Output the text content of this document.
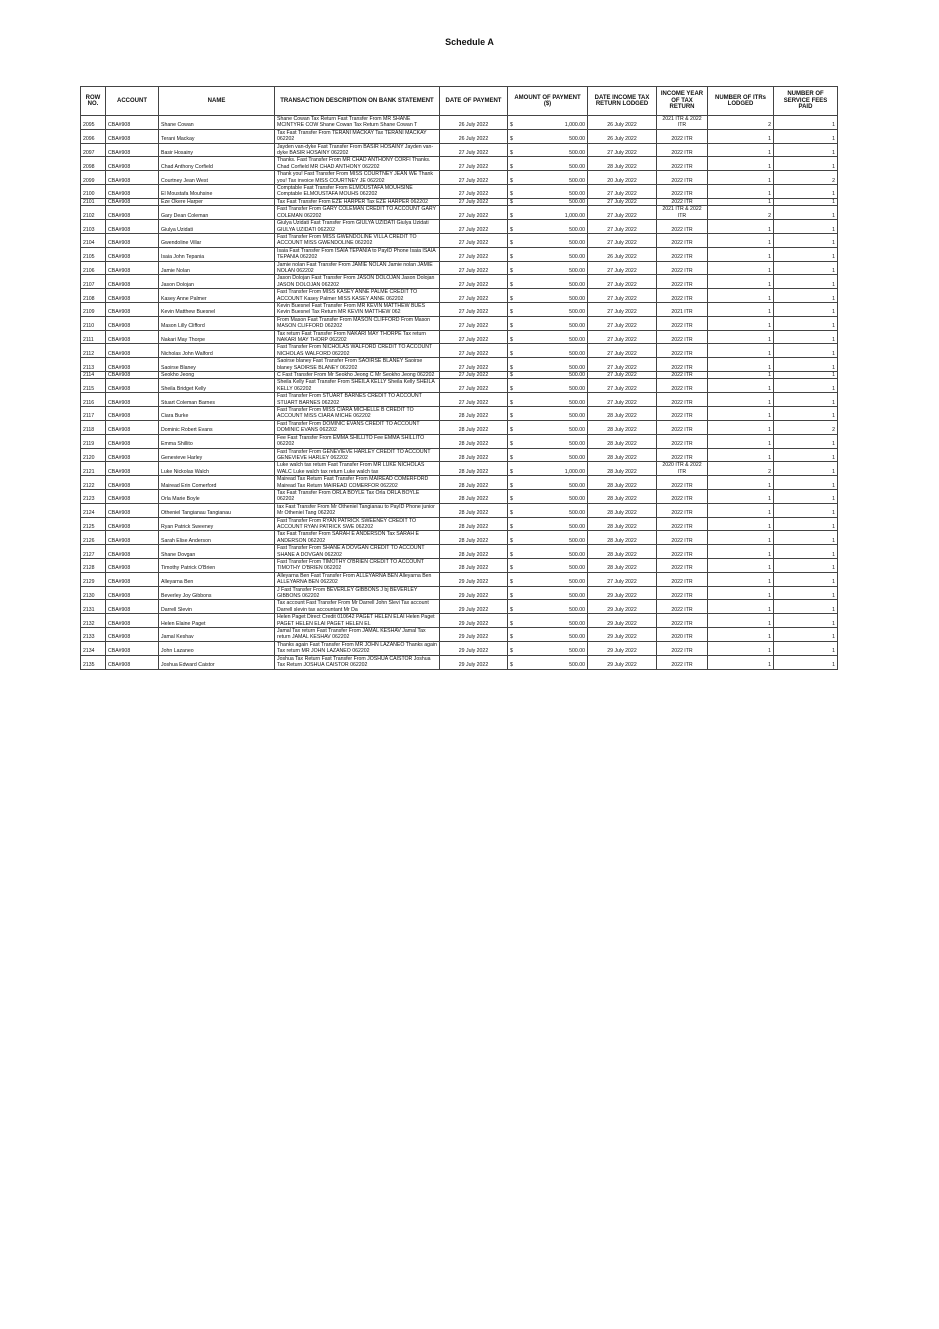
Schedule A
ROW NO.	ACCOUNT	NAME	TRANSACTION DESCRIPTION ON BANK STATEMENT	DATE OF PAYMENT	AMOUNT OF PAYMENT ($)	DATE INCOME TAX RETURN LODGED	INCOME YEAR OF TAX RETURN	NUMBER OF ITRs LODGED	NUMBER OF SERVICE FEES PAID
2095	CBA#908	Shane Cowan	Shane Cowan Tax Return Fast Transfer From MR SHANE MCINTYRE COW Shane Cowan Tax Return Shane Cowan T	26 July 2022	$ 1,000.00	26 July 2022	2021 ITR & 2022 ITR	2	1
2096	CBA#908	Terani Mackay	Tax Fast Transfer From TERANI MACKAY Tax TERANI MACKAY 062202	26 July 2022	$ 500.00	26 July 2022	2022 ITR	1	1
2097	CBA#908	Basir Hosainy	Jayden van-dyke Fast Transfer From BASIR HOSAINY Jayden van-dyke BASIR HOSAINY 062202	27 July 2022	$ 500.00	27 July 2022	2022 ITR	1	1
2098	CBA#908	Chad Anthony Corfield	Thanks. Fast Transfer From MR CHAD ANTHONY CORFI Thanks. Chad Corfield MR CHAD ANTHONY 062202	27 July 2022	$ 500.00	28 July 2022	2022 ITR	1	1
2099	CBA#908	Courtney Jean West	Thank you! Fast Transfer From MISS COURTNEY JEAN WE Thank you! Tax invoice MISS COURTNEY JE 062202	27 July 2022	$ 500.00	20 July 2022	2022 ITR	1	2
2100	CBA#908	El Moustafa Mouhsine	Comptable Fast Transfer From ELMOUSTAFA MOUHSINE Comptable ELMOUSTAFA MOUHS 062202	27 July 2022	$ 500.00	27 July 2022	2022 ITR	1	1
2101	CBA#908	Eze Okere Harper	Tax Fast Transfer From EZE HARPER Tax EZE HARPER 062202	27 July 2022	$ 500.00	27 July 2022	2022 ITR	1	1
2102	CBA#908	Gary Dean Coleman	Fast Transfer From GARY COLEMAN CREDIT TO ACCOUNT GARY COLEMAN 062202	27 July 2022	$ 1,000.00	27 July 2022	2021 ITR & 2022 ITR	2	1
2103	CBA#908	Giulya Uzidati	Giulya Uzidati Fast Transfer From GIULYA UZIDATI Giulya Uzidati GIULYA UZIDATI 062202	27 July 2022	$ 500.00	27 July 2022	2022 ITR	1	1
2104	CBA#908	Gwendoline Villar	Fast Transfer From MISS GWENDOLINE VILLA CREDIT TO ACCOUNT MISS GWENDOLINE 062202	27 July 2022	$ 500.00	27 July 2022	2022 ITR	1	1
2105	CBA#908	Isaia John Tepania	Isaia Fast Transfer From ISAIA TEPANIA to PayID Phone Isaia ISAIA TEPANIA 062202	27 July 2022	$ 500.00	26 July 2022	2022 ITR	1	1
2106	CBA#908	Jamie Nolan	Jamie nolan Fast Transfer From JAMIE NOLAN Jamie nolan JAMIE NOLAN 062202	27 July 2022	$ 500.00	27 July 2022	2022 ITR	1	1
2107	CBA#908	Jason Dolojan	Jason Dolojan Fast Transfer From JASON DOLOJAN Jason Dolojan JASON DOLOJAN 062202	27 July 2022	$ 500.00	27 July 2022	2022 ITR	1	1
2108	CBA#908	Kasey Anne Palmer	Fast Transfer From MISS KASEY ANNE PALME CREDIT TO ACCOUNT Kasey Palmer MISS KASEY ANNE 062202	27 July 2022	$ 500.00	27 July 2022	2022 ITR	1	1
2109	CBA#908	Kevin Matthew Buesnel	Kevin Buesnel Fast Transfer From MR KEVIN MATTHEW BUES Kevin Buesnel Tax Return MR KEVIN MATTHEW 062	27 July 2022	$ 500.00	27 July 2022	2021 ITR	1	1
2110	CBA#908	Mason Lilly Clifford	From Mason Fast Transfer From MASON CLIFFORD From Mason MASON CLIFFORD 062202	27 July 2022	$ 500.00	27 July 2022	2022 ITR	1	1
2111	CBA#908	Nakari May Thorpe	Tax return Fast Transfer From NAKARI MAY THORPE Tax return NAKARI MAY THORP 062202	27 July 2022	$ 500.00	27 July 2022	2022 ITR	1	1
2112	CBA#908	Nicholas John Walford	Fast Transfer From NICHOLAS WALFORD CREDIT TO ACCOUNT NICHOLAS WALFORD 062202	27 July 2022	$ 500.00	27 July 2022	2022 ITR	1	1
2113	CBA#908	Saoirse Blaney	Saoirse blaney Fast Transfer From SAOIRSE BLANEY Saoirse blaney SAOIRSE BLANEY 062202	27 July 2022	$ 500.00	27 July 2022	2022 ITR	1	1
2114	CBA#908	Seokho Jeong	C Fast Transfer From Mr Seokho Jeong C Mr Seokho Jeong 062202	27 July 2022	$ 500.00	27 July 2022	2022 ITR	1	1
2115	CBA#908	Sheila Bridget Kelly	Sheila Kelly Fast Transfer From SHEILA KELLY Sheila Kelly SHEILA KELLY 062202	27 July 2022	$ 500.00	27 July 2022	2022 ITR	1	1
2116	CBA#908	Stuart Coleman Barnes	Fast Transfer From STUART BARNES CREDIT TO ACCOUNT STUART BARNES 062202	27 July 2022	$ 500.00	27 July 2022	2022 ITR	1	1
2117	CBA#908	Ciara Burke	Fast Transfer From MISS CIARA MICHELLE B CREDIT TO ACCOUNT MISS CIARA MICHE 062202	28 July 2022	$ 500.00	28 July 2022	2022 ITR	1	1
2118	CBA#908	Dominic Robert Evans	Fast Transfer From DOMINIC EVANS CREDIT TO ACCOUNT DOMINIC EVANS 062202	28 July 2022	$ 500.00	28 July 2022	2022 ITR	1	2
2119	CBA#908	Emma Shillito	Fee Fast Transfer From EMMA SHILLITO Fee EMMA SHILLITO 062202	28 July 2022	$ 500.00	28 July 2022	2022 ITR	1	1
2120	CBA#908	Genevieve Harley	Fast Transfer From GENEVIEVE HARLEY CREDIT TO ACCOUNT GENEVIEVE HARLEY 062202	28 July 2022	$ 500.00	28 July 2022	2022 ITR	1	1
2121	CBA#908	Luke Nickolas Walch	Luke walch tax return Fast Transfer From MR LUKE NICHOLAS WALC Luke walch tax return Luke walch tax	28 July 2022	$ 1,000.00	28 July 2022	2020 ITR & 2022 ITR	2	1
2122	CBA#908	Mairead Erin Comerford	Mairead Tax Return Fast Transfer From MAIREAD COMERFORD Mairead Tax Return MAIREAD COMERFOR 062202	28 July 2022	$ 500.00	28 July 2022	2022 ITR	1	1
2123	CBA#908	Orla Marie Boyle	Tax Fast Transfer From ORLA BOYLE Tax Orla ORLA BOYLE 062202	28 July 2022	$ 500.00	28 July 2022	2022 ITR	1	1
2124	CBA#908	Otheniel Tangianau Tangianau	tax Fast Transfer From Mr Otheniel Tangianau to PayID Phone junior Mr Otheniel Tang 062202	28 July 2022	$ 500.00	28 July 2022	2022 ITR	1	1
2125	CBA#908	Ryan Patrick Sweeney	Fast Transfer From RYAN PATRICK SWEENEY CREDIT TO ACCOUNT RYAN PATRICK SWE 062202	28 July 2022	$ 500.00	28 July 2022	2022 ITR	1	1
2126	CBA#908	Sarah Elise Anderson	Tax Fast Transfer From SARAH E ANDERSON Tax SARAH E ANDERSON 062202	28 July 2022	$ 500.00	28 July 2022	2022 ITR	1	1
2127	CBA#908	Shane Dovgan	Fast Transfer From SHANE A DOVGAN CREDIT TO ACCOUNT SHANE A DOVGAN 062202	28 July 2022	$ 500.00	28 July 2022	2022 ITR	1	1
2128	CBA#908	Timothy Patrick O'Brien	Fast Transfer From TIMOTHY O'BRIEN CREDIT TO ACCOUNT TIMOTHY O'BRIEN 062202	28 July 2022	$ 500.00	28 July 2022	2022 ITR	1	1
2129	CBA#908	Alleyarna Ben	Alleyarna Ben Fast Transfer From ALLEYARNA BEN Alleyarna Ben ALLEYARNA BEN 062202	29 July 2022	$ 500.00	27 July 2022	2022 ITR	1	1
2130	CBA#908	Beverley Joy Gibbons	J Fast Transfer From BEVERLEY GIBBONS J bj BEVERLEY GIBBONS 062202	29 July 2022	$ 500.00	29 July 2022	2022 ITR	1	1
2131	CBA#908	Darrell Slevin	Tax account Fast Transfer From Mr Darrell John Slevi Tax account Darrell slevin tax accountant Mr Da	29 July 2022	$ 500.00	29 July 2022	2022 ITR	1	1
2132	CBA#908	Helen Elaine Paget	Helen Paget Direct Credit 010642 PAGET HELEN ELAI Helen Paget PAGET HELEN ELAI PAGET HELEN EL	29 July 2022	$ 500.00	29 July 2022	2022 ITR	1	1
2133	CBA#908	Jamal Keshav	Jamal Tax return Fast Transfer From JAMAL KESHAV Jamal Tax return JAMAL KESHAV 062202	29 July 2022	$ 500.00	29 July 2022	2020 ITR	1	1
2134	CBA#908	John Lazaneo	Thanks again Fast Transfer From MR JOHN LAZANEO Thanks again Tax return MR JOHN LAZANEO 062202	29 July 2022	$ 500.00	29 July 2022	2022 ITR	1	1
2135	CBA#908	Joshua Edward Caistor	Joshua Tax Return Fast Transfer From JOSHUA CAISTOR Joshua Tax Return JOSHUA CAISTOR 062202	29 July 2022	$ 500.00	29 July 2022	2022 ITR	1	1
